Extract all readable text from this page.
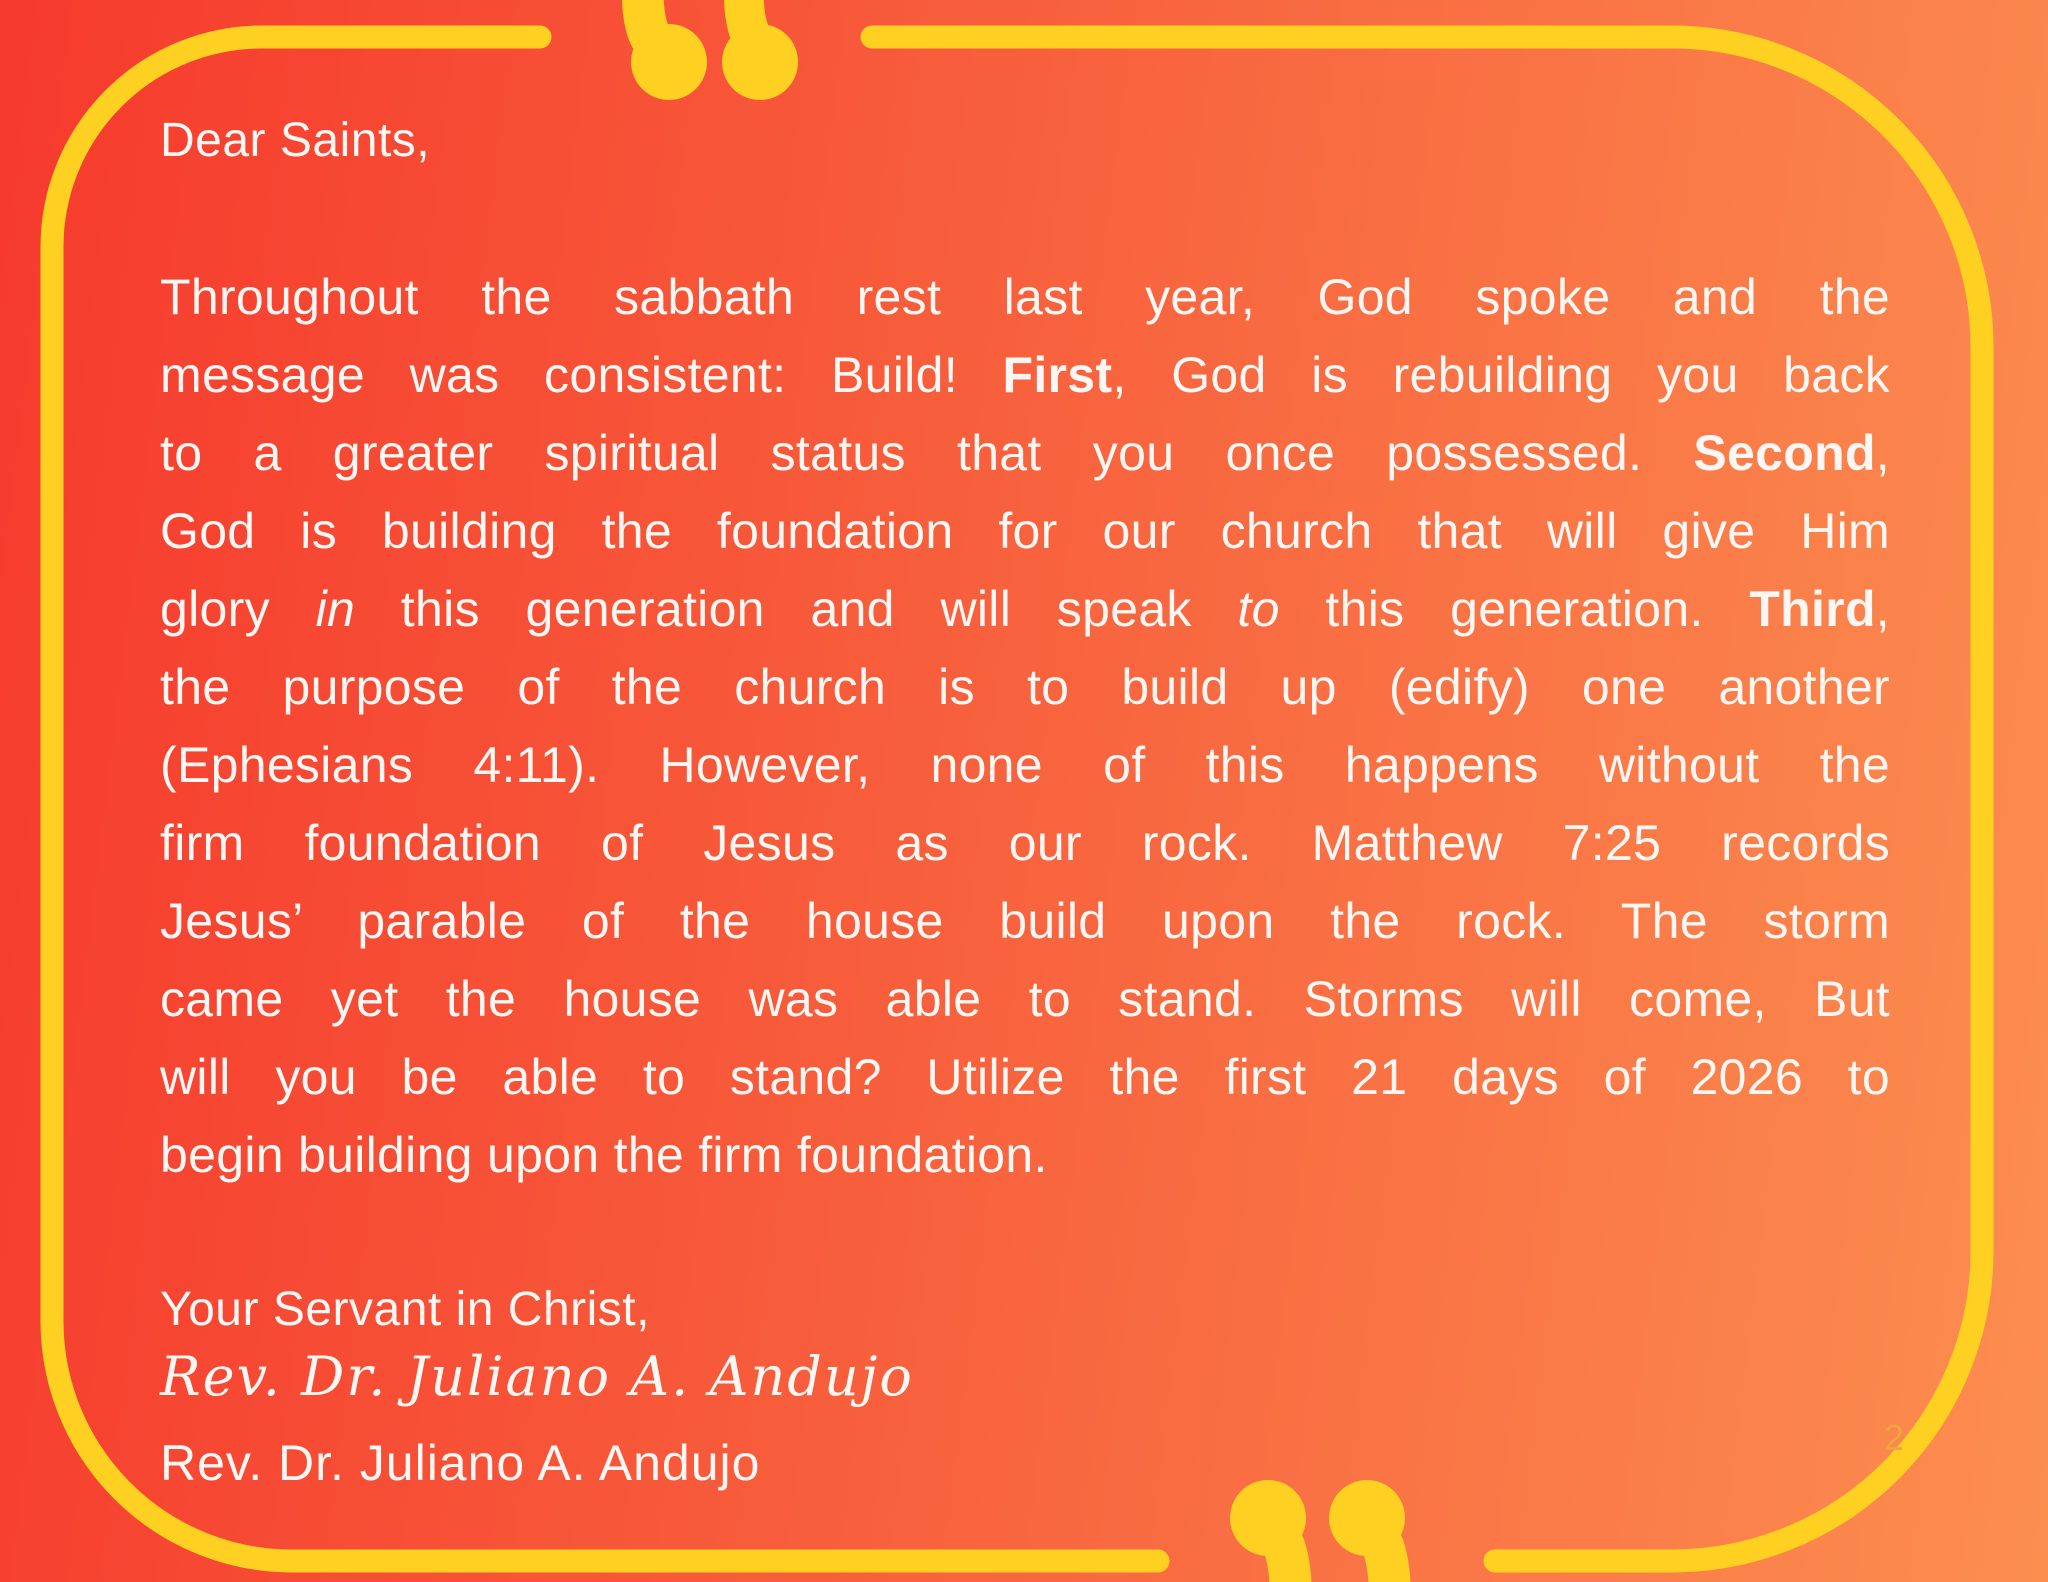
Dear Saints,
Throughout the sabbath rest last year, God spoke and the
message was consistent: Build! First, God is rebuilding you back
to a greater spiritual status that you once possessed. Second,
God is building the foundation for our church that will give Him
glory in this generation and will speak to this generation. Third,
the purpose of the church is to build up (edify) one another
(Ephesians 4:11). However, none of this happens without the
firm foundation of Jesus as our rock. Matthew 7:25 records
Jesus’ parable of the house build upon the rock. The storm
came yet the house was able to stand. Storms will come, But
will you be able to stand? Utilize the first 21 days of 2026 to
begin building upon the firm foundation.
Your Servant in Christ,
Rev. Dr. Juliano A. Andujo
Rev. Dr. Juliano A. Andujo	2
